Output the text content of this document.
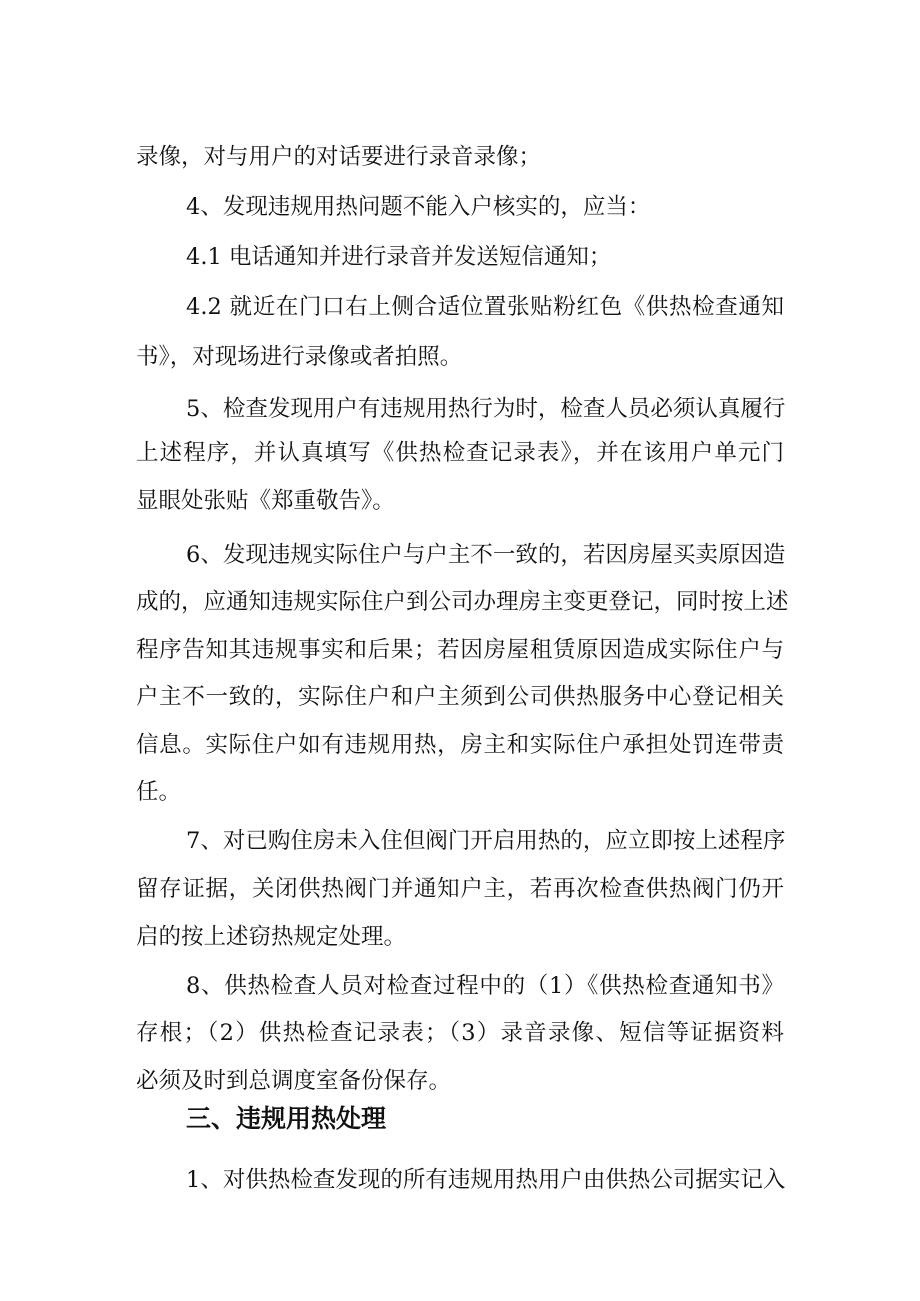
录像，对与用户的对话要进行录音录像；
4、发现违规用热问题不能入户核实的，应当：
4.1 电话通知并进行录音并发送短信通知；
4.2 就近在门口右上侧合适位置张贴粉红色《供热检查通知
书》，对现场进行录像或者拍照。
5、检查发现用户有违规用热行为时，检查人员必须认真履行
上述程序，并认真填写《供热检查记录表》，并在该用户单元门
显眼处张贴《郑重敬告》。
6、发现违规实际住户与户主不一致的，若因房屋买卖原因造
成的，应通知违规实际住户到公司办理房主变更登记，同时按上述
程序告知其违规事实和后果；若因房屋租赁原因造成实际住户与
户主不一致的，实际住户和户主须到公司供热服务中心登记相关
信息。实际住户如有违规用热，房主和实际住户承担处罚连带责
任。
7、对已购住房未入住但阀门开启用热的，应立即按上述程序
留存证据，关闭供热阀门并通知户主，若再次检查供热阀门仍开
启的按上述窃热规定处理。
8、供热检查人员对检查过程中的（1）《供热检查通知书》
存根；（2）供热检查记录表；（3）录音录像、短信等证据资料
必须及时到总调度室备份保存。
三、违规用热处理
1、对供热检查发现的所有违规用热用户由供热公司据实记入
